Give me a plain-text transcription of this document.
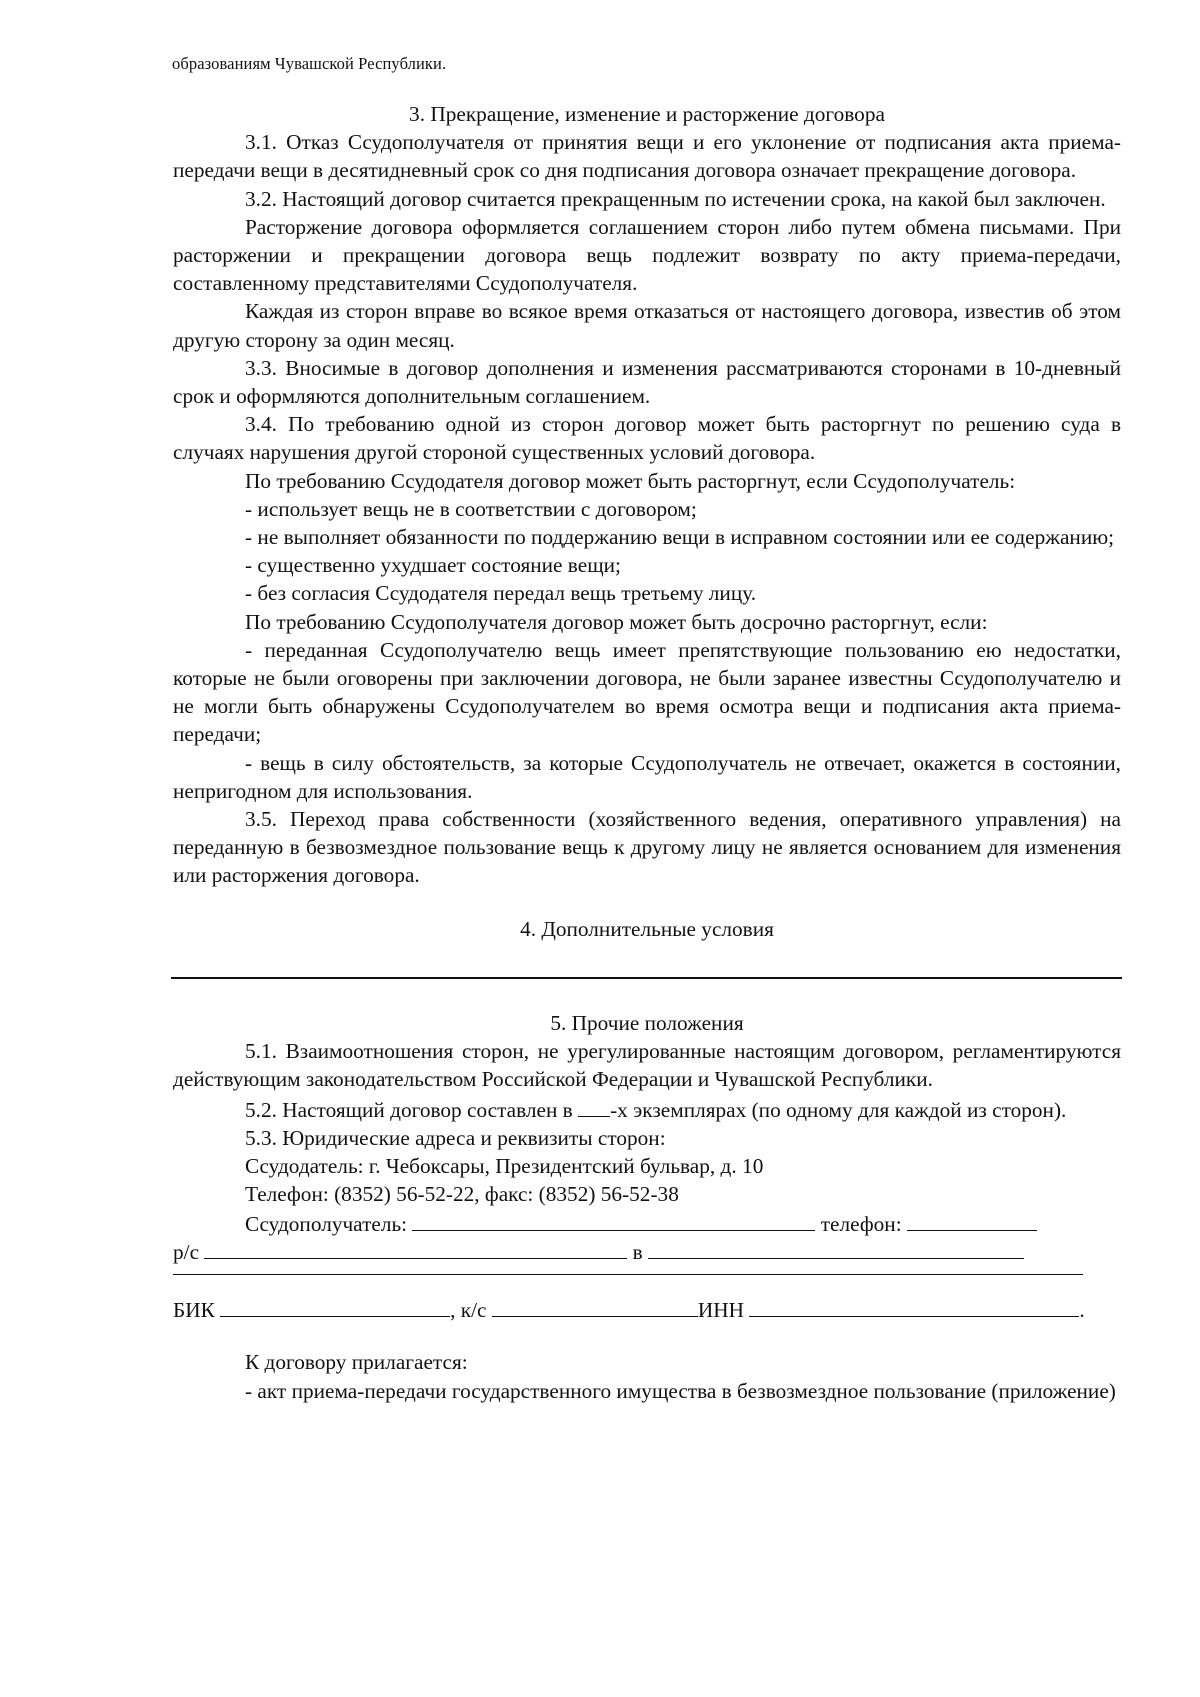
образованиям Чувашской Республики.

3. Прекращение, изменение и расторжение договора

3.1. Отказ Ссудополучателя от принятия вещи и его уклонение от подписания акта приема-передачи вещи в десятидневный срок со дня подписания договора означает прекращение договора.

3.2. Настоящий договор считается прекращенным по истечении срока, на какой был заключен.

Расторжение договора оформляется соглашением сторон либо путем обмена письмами. При расторжении и прекращении договора вещь подлежит возврату по акту приема-передачи, составленному представителями Ссудополучателя.

Каждая из сторон вправе во всякое время отказаться от настоящего договора, известив об этом другую сторону за один месяц.

3.3. Вносимые в договор дополнения и изменения рассматриваются сторонами в 10-дневный срок и оформляются дополнительным соглашением.

3.4. По требованию одной из сторон договор может быть расторгнут по решению суда в случаях нарушения другой стороной существенных условий договора.

По требованию Ссудодателя договор может быть расторгнут, если Ссудополучатель:

- использует вещь не в соответствии с договором;

- не выполняет обязанности по поддержанию вещи в исправном состоянии или ее содержанию;

- существенно ухудшает состояние вещи;

- без согласия Ссудодателя передал вещь третьему лицу.

По требованию Ссудополучателя договор может быть досрочно расторгнут, если:

- переданная Ссудополучателю вещь имеет препятствующие пользованию ею недостатки, которые не были оговорены при заключении договора, не были заранее известны Ссудополучателю и не могли быть обнаружены Ссудополучателем во время осмотра вещи и подписания акта приема-передачи;

- вещь в силу обстоятельств, за которые Ссудополучатель не отвечает, окажется в состоянии, непригодном для использования.

3.5. Переход права собственности (хозяйственного ведения, оперативного управления) на переданную в безвозмездное пользование вещь к другому лицу не является основанием для изменения или расторжения договора.

4. Дополнительные условия

5. Прочие положения

5.1. Взаимоотношения сторон, не урегулированные настоящим договором, регламентируются действующим законодательством Российской Федерации и Чувашской Республики.

5.2. Настоящий договор составлен в -х экземплярах (по одному для каждой из сторон).

5.3. Юридические адреса и реквизиты сторон:

Ссудодатель: г. Чебоксары, Президентский бульвар, д. 10

Телефон: (8352) 56-52-22, факс: (8352) 56-52-38

Ссудополучатель:	телефон:

р/с	в

БИК	, к/с	ИНН	.

К договору прилагается:

- акт приема-передачи государственного имущества в безвозмездное пользование (приложение)
